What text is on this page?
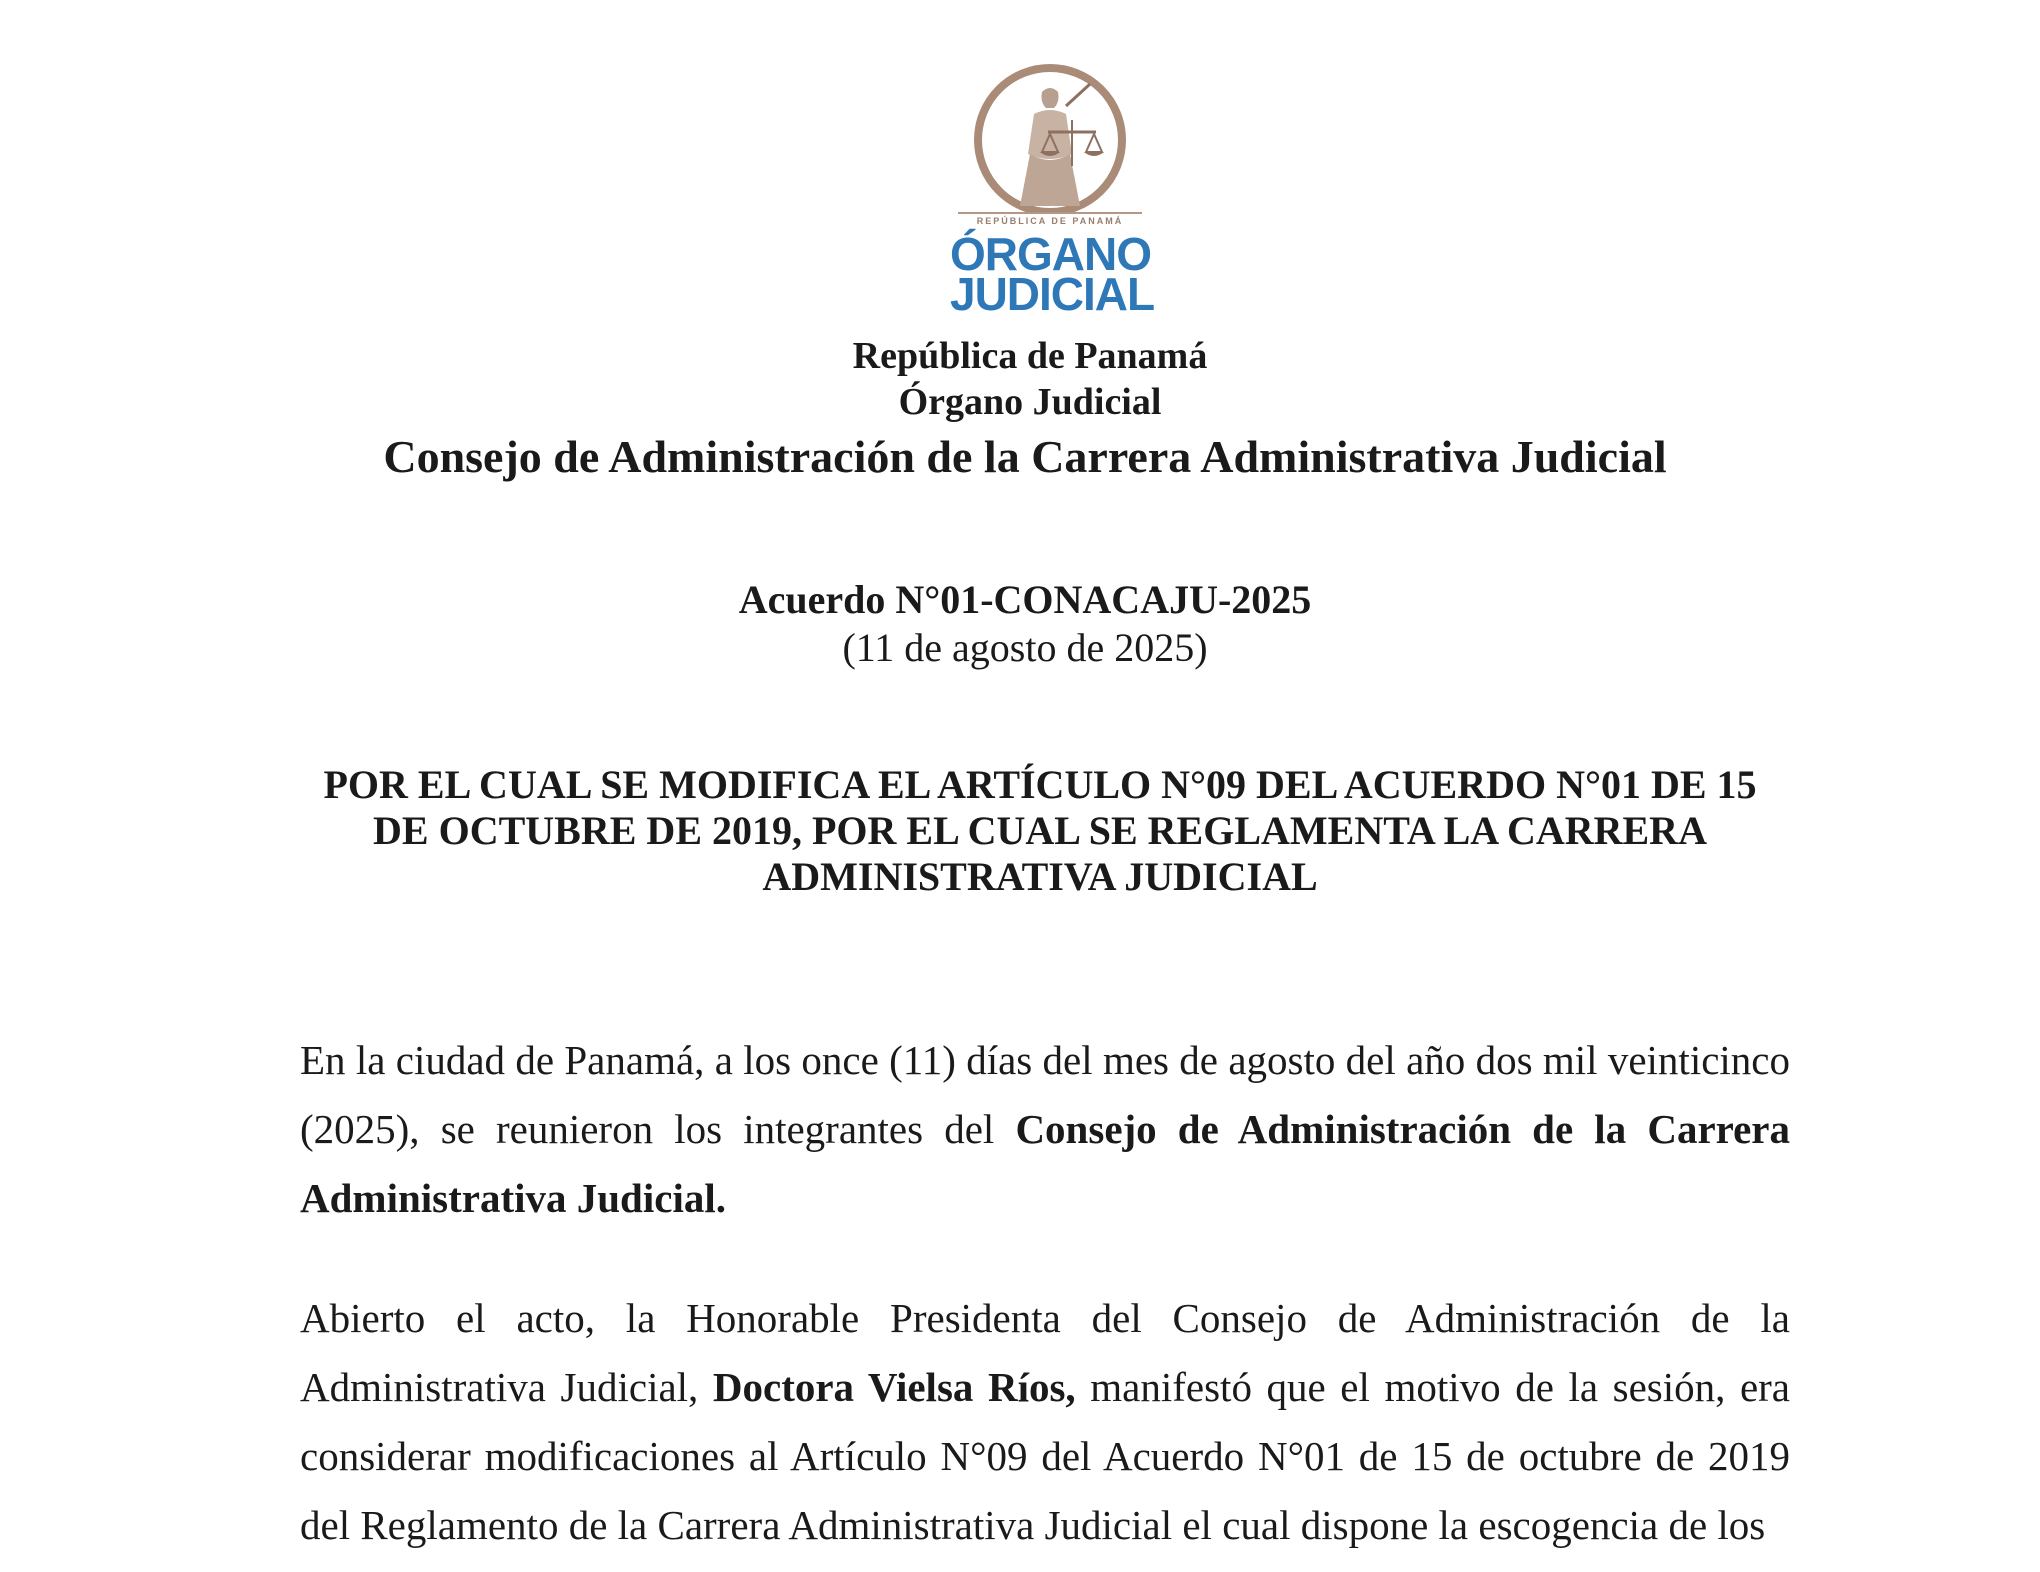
REPÚBLICA DE PANAMÁ
ÓRGANO
JUDICIAL
República de Panamá
Órgano Judicial
Consejo de Administración de la Carrera Administrativa Judicial
Acuerdo N°01-CONACAJU-2025
(11 de agosto de 2025)
POR EL CUAL SE MODIFICA EL ARTÍCULO N°09 DEL ACUERDO N°01 DE 15
DE OCTUBRE DE 2019, POR EL CUAL SE REGLAMENTA LA CARRERA
ADMINISTRATIVA JUDICIAL

En la ciudad de Panamá, a los once (11) días del mes de agosto del año dos mil veinticinco (2025), se reunieron los integrantes del Consejo de Administración de la Carrera Administrativa Judicial.

Abierto el acto, la Honorable Presidenta del Consejo de Administración de la Administrativa Judicial, Doctora Vielsa Ríos, manifestó que el motivo de la sesión, era considerar modificaciones al Artículo N°09 del Acuerdo N°01 de 15 de octubre de 2019 del Reglamento de la Carrera Administrativa Judicial el cual dispone la escogencia de los
